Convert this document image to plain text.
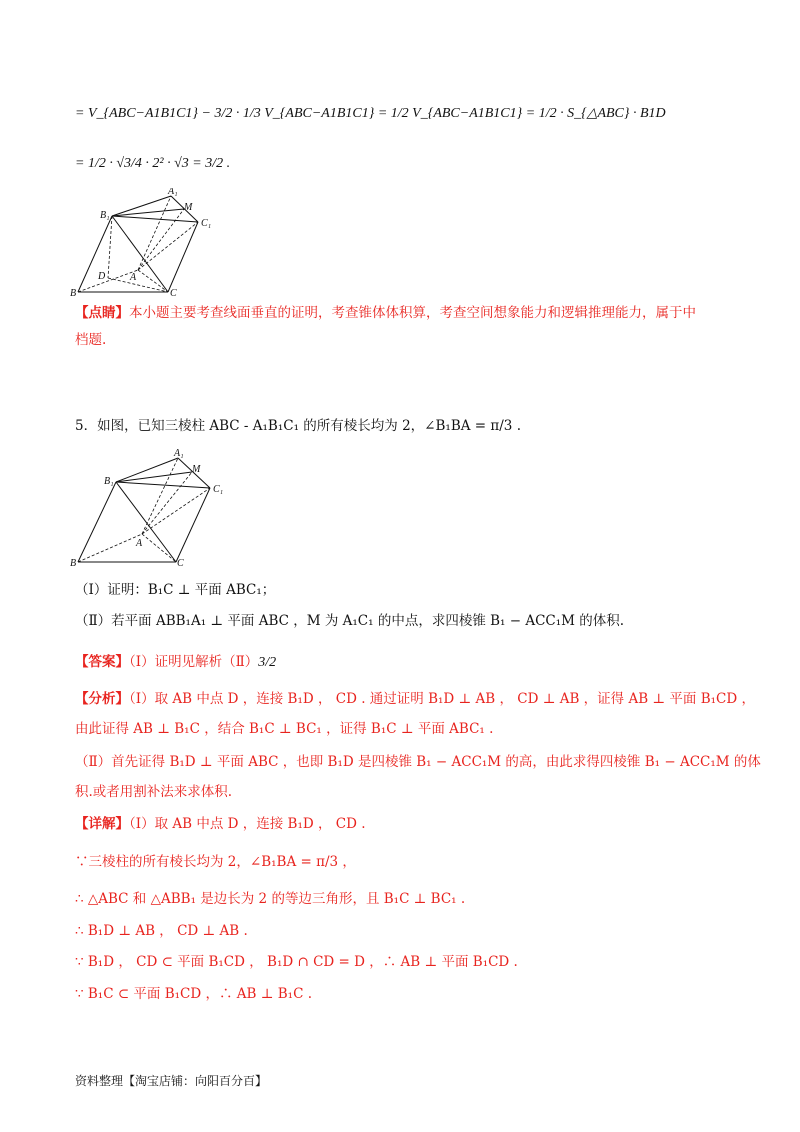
= V_{ABC−A1B1C1} − 3/2 · 1/3 V_{ABC−A1B1C1} = 1/2 V_{ABC−A1B1C1} = 1/2 · S_{△ABC} · B1D
= 1/2 · √3/4 · 2² · √3 = 3/2 .
A₁
M
B₁
C₁
D A
B	C
【点睛】本小题主要考查线面垂直的证明，考查锥体体积算，考查空间想象能力和逻辑推理能力，属于中
档题.
5．如图，已知三棱柱 ABC - A₁B₁C₁ 的所有棱长均为 2，∠B₁BA = π/3 .
A₁
M
B₁
C₁
A
B	C
（Ⅰ）证明：B₁C ⊥ 平面 ABC₁；
（Ⅱ）若平面 ABB₁A₁ ⊥ 平面 ABC ，M 为 A₁C₁ 的中点，求四棱锥 B₁ − ACC₁M 的体积.
【答案】（Ⅰ）证明见解析（Ⅱ）3/2
【分析】（Ⅰ）取 AB 中点 D ，连接 B₁D ， CD . 通过证明 B₁D ⊥ AB ， CD ⊥ AB ，证得 AB ⊥ 平面 B₁CD ，
由此证得 AB ⊥ B₁C ，结合 B₁C ⊥ BC₁ ，证得 B₁C ⊥ 平面 ABC₁ .
（Ⅱ）首先证得 B₁D ⊥ 平面 ABC ，也即 B₁D 是四棱锥 B₁ − ACC₁M 的高，由此求得四棱锥 B₁ − ACC₁M 的体
积.或者用割补法来求体积.
【详解】（Ⅰ）取 AB 中点 D ，连接 B₁D ， CD .
∵三棱柱的所有棱长均为 2，∠B₁BA = π/3 ，
∴ △ABC 和 △ABB₁ 是边长为 2 的等边三角形，且 B₁C ⊥ BC₁ .
∴ B₁D ⊥ AB ， CD ⊥ AB .
∵ B₁D ， CD ⊂ 平面 B₁CD ， B₁D ∩ CD = D ，∴ AB ⊥ 平面 B₁CD .
∵ B₁C ⊂ 平面 B₁CD ，∴ AB ⊥ B₁C .
资料整理【淘宝店铺：向阳百分百】
